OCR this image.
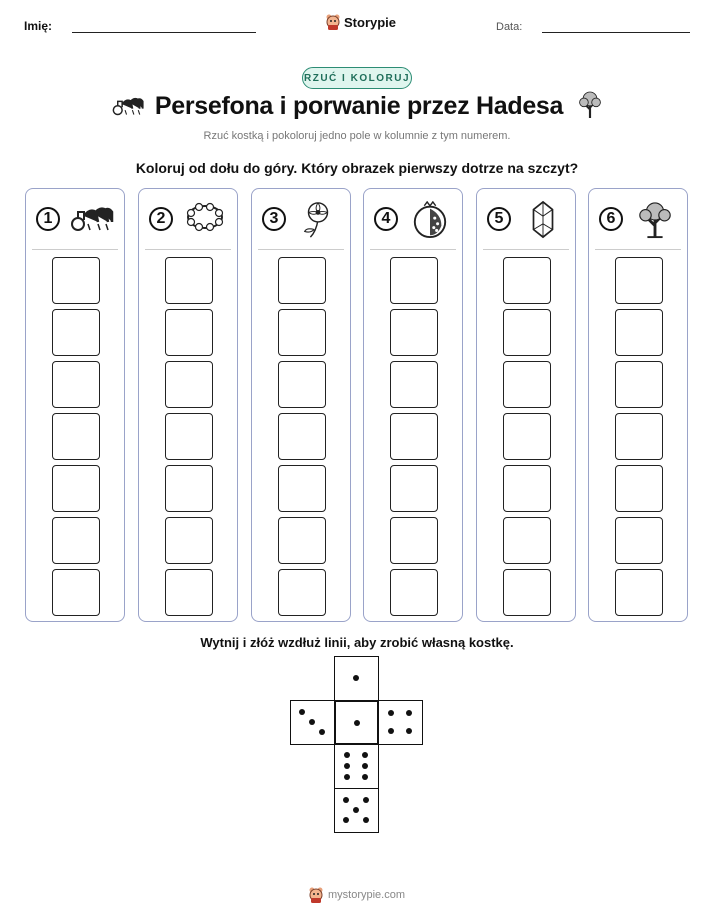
Imię:	Storypie	Data:
RZUĆ I KOLORUJ
Persefona i porwanie przez Hadesa
Rzuć kostką i pokoloruj jedno pole w kolumnie z tym numerem.
Koloruj od dołu do góry. Który obrazek pierwszy dotrze na szczyt?
1	2	3	4	5	6
Wytnij i złóż wzdłuż linii, aby zrobić własną kostkę.
mystorypie.com
